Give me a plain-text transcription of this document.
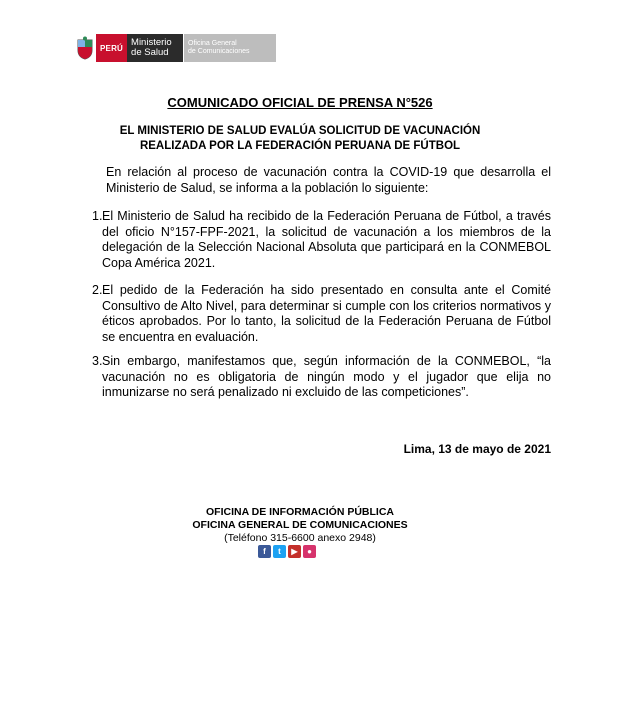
PERÚ Ministerio
de Salud
Oficina General
de Comunicaciones
COMUNICADO OFICIAL DE PRENSA N°526
EL MINISTERIO DE SALUD EVALÚA SOLICITUD DE VACUNACIÓN
REALIZADA POR LA FEDERACIÓN PERUANA DE FÚTBOL
En relación al proceso de vacunación contra la COVID-19 que desarrolla el Ministerio de Salud, se informa a la población lo siguiente:
1. El Ministerio de Salud ha recibido de la Federación Peruana de Fútbol, a través del oficio N°157-FPF-2021, la solicitud de vacunación a los miembros de la delegación de la Selección Nacional Absoluta que participará en la CONMEBOL Copa América 2021.
2. El pedido de la Federación ha sido presentado en consulta ante el Comité Consultivo de Alto Nivel, para determinar si cumple con los criterios normativos y éticos aprobados. Por lo tanto, la solicitud de la Federación Peruana de Fútbol se encuentra en evaluación.
3. Sin embargo, manifestamos que, según información de la CONMEBOL, “la vacunación no es obligatoria de ningún modo y el jugador que elija no inmunizarse no será penalizado ni excluido de las competiciones”.
Lima, 13 de mayo de 2021
OFICINA DE INFORMACIÓN PÚBLICA
OFICINA GENERAL DE COMUNICACIONES
(Teléfono 315-6600 anexo 2948)
f	t	▶	●
